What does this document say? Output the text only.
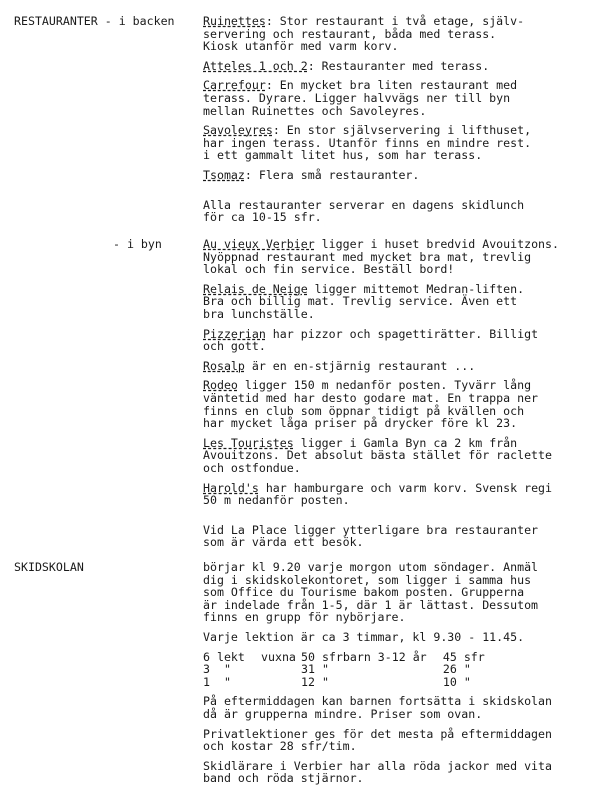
RESTAURANTER - i backen
- i byn
SKIDSKOLAN
Ruinettes: Stor restaurant i två etage, själv-
servering och restaurant, båda med terass.
Kiosk utanför med varm korv.
Atteles 1 och 2: Restauranter med terass.
Carrefour: En mycket bra liten restaurant med
terass. Dyrare. Ligger halvvägs ner till byn
mellan Ruinettes och Savoleyres.
Savoleyres: En stor självservering i lifthuset,
har ingen terass. Utanför finns en mindre rest.
i ett gammalt litet hus, som har terass.
Tsomaz: Flera små restauranter.
Alla restauranter serverar en dagens skidlunch
för ca 10-15 sfr.
Au vieux Verbier ligger i huset bredvid Avouitzons.
Nyöppnad restaurant med mycket bra mat, trevlig
lokal och fin service. Beställ bord!
Relais de Neige ligger mittemot Medran-liften.
Bra och billig mat. Trevlig service. Även ett
bra lunchställe.
Pizzerian har pizzor och spagettirätter. Billigt
och gott.
Rosalp är en en-stjärnig restaurant ...
Rodeo ligger 150 m nedanför posten. Tyvärr lång
väntetid med har desto godare mat. En trappa ner
finns en club som öppnar tidigt på kvällen och
har mycket låga priser på drycker före kl 23.
Les Touristes ligger i Gamla Byn ca 2 km från
Avouitzons. Det absolut bästa stället för raclette
och ostfondue.
Harold's har hamburgare och varm korv. Svensk regi
50 m nedanför posten.
Vid La Place ligger ytterligare bra restauranter
som är värda ett besök.
börjar kl 9.20 varje morgon utom söndager. Anmäl
dig i skidskolekontoret, som ligger i samma hus
som Office du Tourisme bakom posten. Grupperna
är indelade från 1-5, där 1 är lättast. Dessutom
finns en grupp för nybörjare.
Varje lektion är ca 3 timmar, kl 9.30 - 11.45.
6 lekt	vuxna	50 sfr	barn 3-12 år	45 sfr
3  "		31 "		26 "
1  "		12 "		10 "
På eftermiddagen kan barnen fortsätta i skidskolan
då är grupperna mindre. Priser som ovan.
Privatlektioner ges för det mesta på eftermiddagen
och kostar 28 sfr/tim.
Skidlärare i Verbier har alla röda jackor med vita
band och röda stjärnor.
